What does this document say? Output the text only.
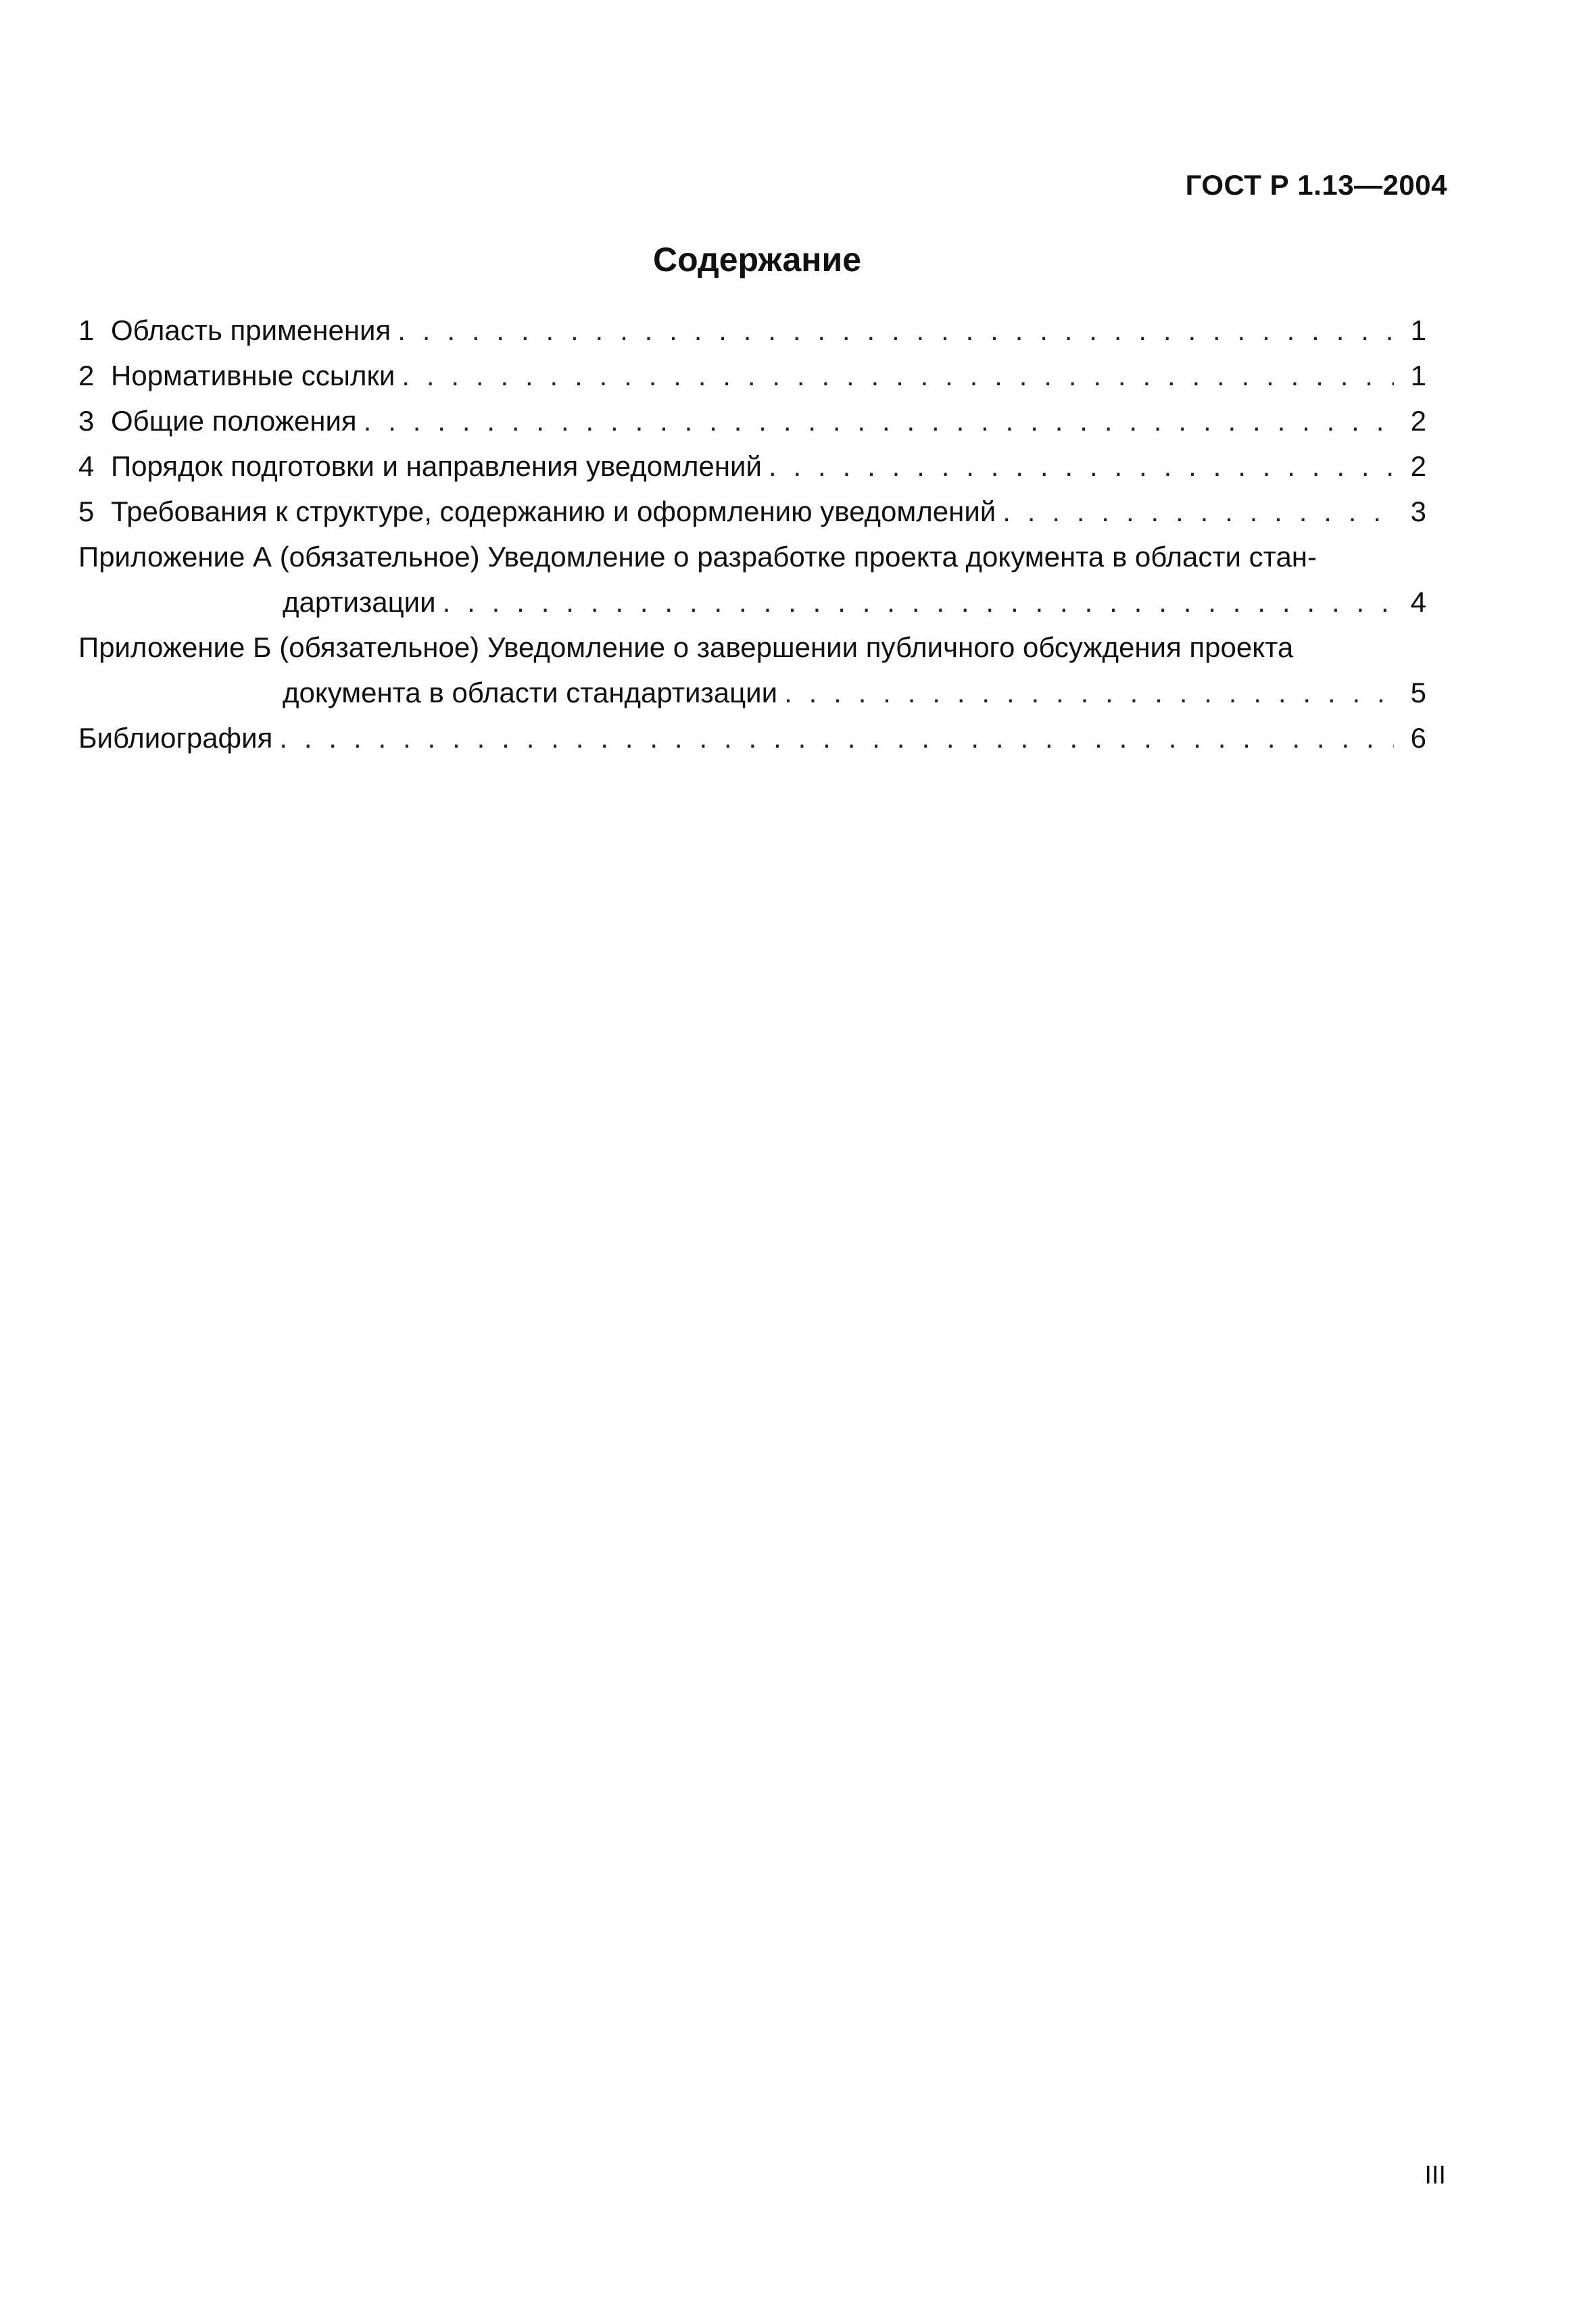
ГОСТ Р 1.13—2004
Содержание
1 Область применения . . .	1
2 Нормативные ссылки . . .	1
3 Общие положения . . .	2
4 Порядок подготовки и направления уведомлений . . .	2
5 Требования к структуре, содержанию и оформлению уведомлений . . .	3
Приложение А (обязательное) Уведомление о разработке проекта документа в области стан-
дартизации . . .	4
Приложение Б (обязательное) Уведомление о завершении публичного обсуждения проекта
документа в области стандартизации . . .	5
Библиография . . .	6
III
